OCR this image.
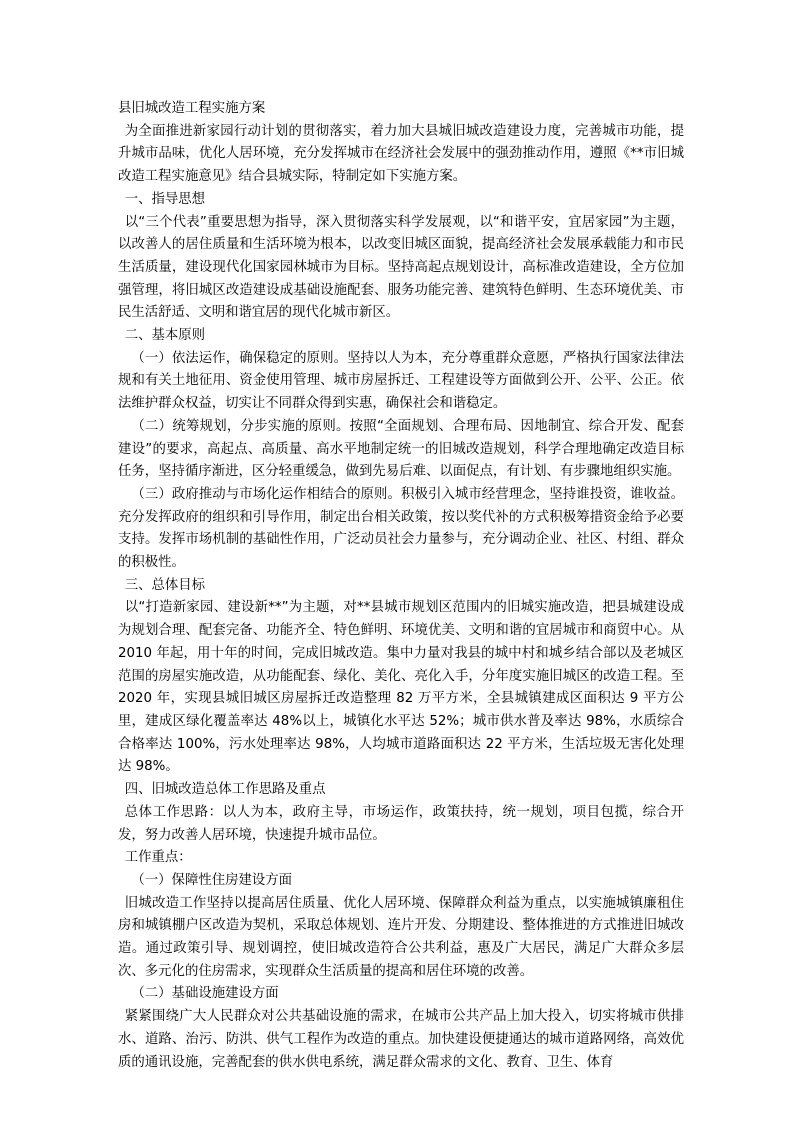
县旧城改造工程实施方案

为全面推进新家园行动计划的贯彻落实，着力加大县城旧城改造建设力度，完善城市功能，提升城市品味，优化人居环境，充分发挥城市在经济社会发展中的强劲推动作用，遵照《**市旧城改造工程实施意见》结合县城实际，特制定如下实施方案。

一、指导思想

以“三个代表”重要思想为指导，深入贯彻落实科学发展观，以“和谐平安，宜居家园”为主题，以改善人的居住质量和生活环境为根本，以改变旧城区面貌，提高经济社会发展承载能力和市民生活质量，建设现代化国家园林城市为目标。坚持高起点规划设计，高标准改造建设，全方位加强管理，将旧城区改造建设成基础设施配套、服务功能完善、建筑特色鲜明、生态环境优美、市民生活舒适、文明和谐宜居的现代化城市新区。

二、基本原则

（一）依法运作，确保稳定的原则。坚持以人为本，充分尊重群众意愿，严格执行国家法律法规和有关土地征用、资金使用管理、城市房屋拆迁、工程建设等方面做到公开、公平、公正。依法维护群众权益，切实让不同群众得到实惠，确保社会和谐稳定。

（二）统筹规划，分步实施的原则。按照“全面规划、合理布局、因地制宜、综合开发、配套建设”的要求，高起点、高质量、高水平地制定统一的旧城改造规划，科学合理地确定改造目标任务，坚持循序渐进，区分轻重缓急，做到先易后难、以面促点，有计划、有步骤地组织实施。

（三）政府推动与市场化运作相结合的原则。积极引入城市经营理念，坚持谁投资，谁收益。充分发挥政府的组织和引导作用，制定出台相关政策，按以奖代补的方式积极筹措资金给予必要支持。发挥市场机制的基础性作用，广泛动员社会力量参与，充分调动企业、社区、村组、群众的积极性。

三、总体目标

以“打造新家园、建设新**”为主题，对**县城市规划区范围内的旧城实施改造，把县城建设成为规划合理、配套完备、功能齐全、特色鲜明、环境优美、文明和谐的宜居城市和商贸中心。从 2010 年起，用十年的时间，完成旧城改造。集中力量对我县的城中村和城乡结合部以及老城区范围的房屋实施改造，从功能配套、绿化、美化、亮化入手，分年度实施旧城区的改造工程。至 2020 年，实现县城旧城区房屋拆迁改造整理 82 万平方米，全县城镇建成区面积达 9 平方公里，建成区绿化覆盖率达 48%以上，城镇化水平达 52%；城市供水普及率达 98%，水质综合合格率达 100%，污水处理率达 98%，人均城市道路面积达 22 平方米，生活垃圾无害化处理达 98%。

四、旧城改造总体工作思路及重点

总体工作思路：以人为本，政府主导，市场运作，政策扶持，统一规划，项目包揽，综合开发，努力改善人居环境，快速提升城市品位。

工作重点：

（一）保障性住房建设方面

旧城改造工作坚持以提高居住质量、优化人居环境、保障群众利益为重点，以实施城镇廉租住房和城镇棚户区改造为契机，采取总体规划、连片开发、分期建设、整体推进的方式推进旧城改造。通过政策引导、规划调控，使旧城改造符合公共利益，惠及广大居民，满足广大群众多层次、多元化的住房需求，实现群众生活质量的提高和居住环境的改善。

（二）基础设施建设方面

紧紧围绕广大人民群众对公共基础设施的需求，在城市公共产品上加大投入，切实将城市供排水、道路、治污、防洪、供气工程作为改造的重点。加快建设便捷通达的城市道路网络，高效优质的通讯设施，完善配套的供水供电系统，满足群众需求的文化、教育、卫生、体育
